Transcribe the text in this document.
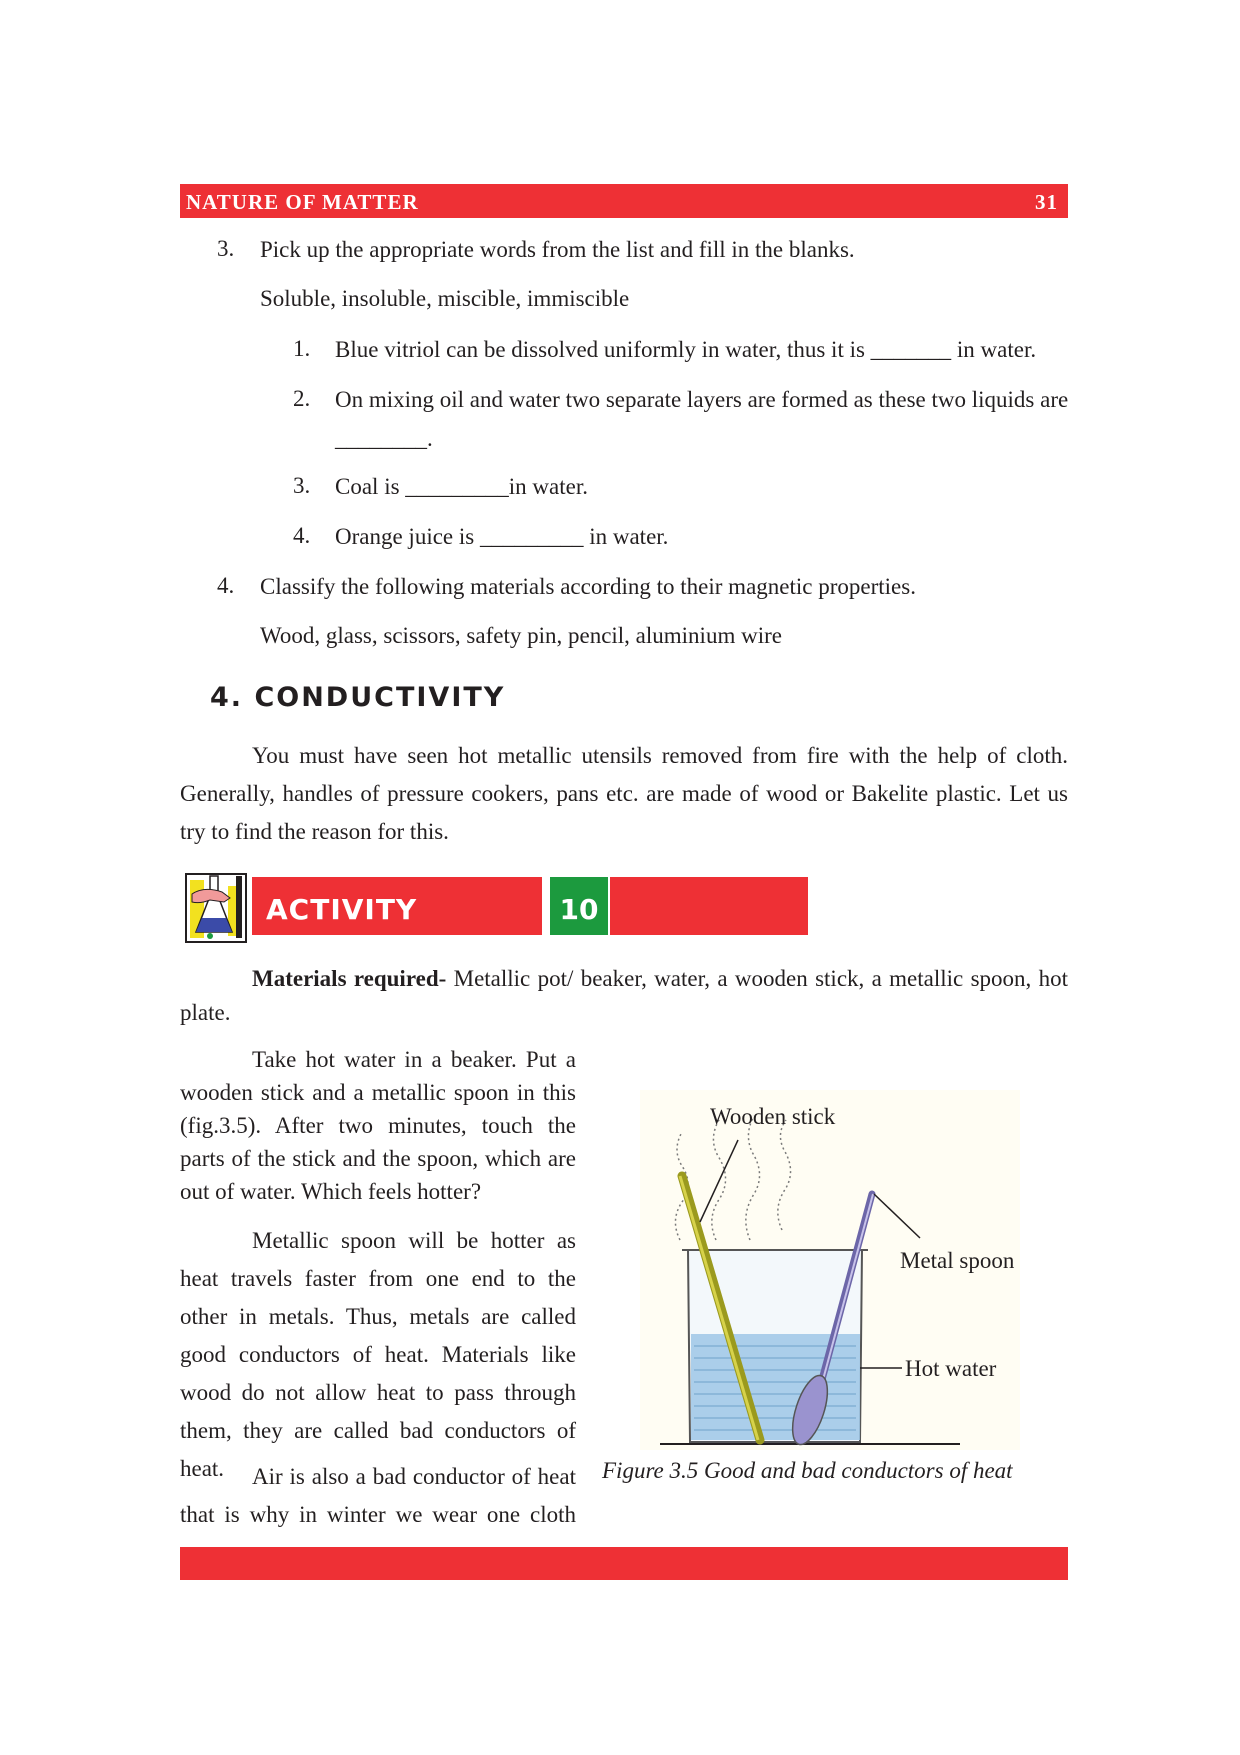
NATURE OF MATTER	31
3. Pick up the appropriate words from the list and fill in the blanks.
Soluble, insoluble, miscible, immiscible
1. Blue vitriol can be dissolved uniformly in water, thus it is _______ in water.
2. On mixing oil and water two separate layers are formed as these two liquids are
________.
3. Coal is _________in water.
4. Orange juice is _________ in water.
4. Classify the following materials according to their magnetic properties.
Wood, glass, scissors, safety pin, pencil, aluminium wire
4. CONDUCTIVITY
You must have seen hot metallic utensils removed from fire with the help of cloth. Generally, handles of pressure cookers, pans etc. are made of wood or Bakelite plastic. Let us try to find the reason for this.
ACTIVITY	10
Materials required- Metallic pot/ beaker, water, a wooden stick, a metallic spoon, hot plate.
Take hot water in a beaker. Put a wooden stick and a metallic spoon in this (fig.3.5). After two minutes, touch the parts of the stick and the spoon, which are out of water. Which feels hotter?
Metallic spoon will be hotter as heat travels faster from one end to the other in metals. Thus, metals are called good conductors of heat. Materials like wood do not allow heat to pass through them, they are called bad conductors of heat.	Air is also a bad conductor of heat that is why in winter we wear one cloth
Wooden stick
Metal spoon
Hot water
Figure 3.5 Good and bad conductors of heat
